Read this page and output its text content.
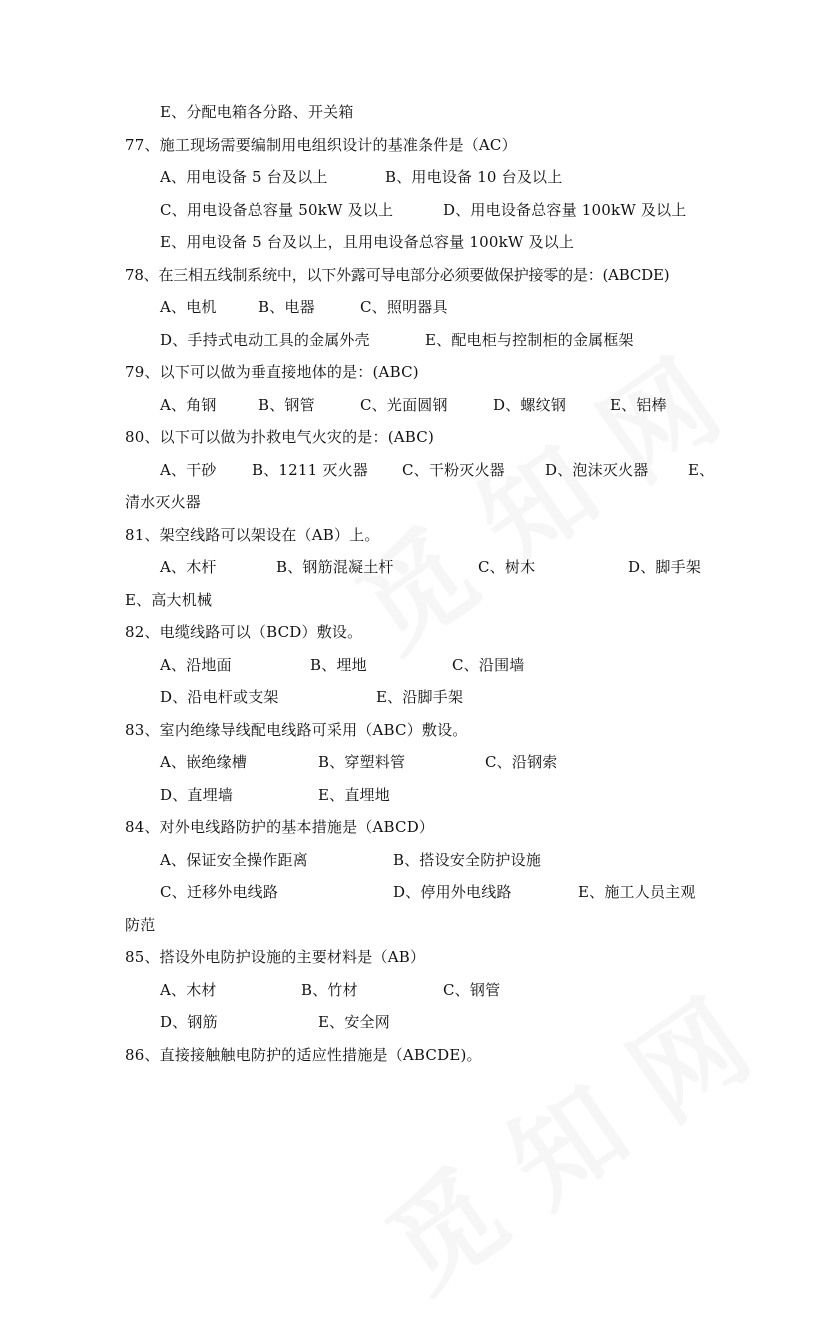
E、分配电箱各分路、开关箱
77、施工现场需要编制用电组织设计的基准条件是（AC）
A、用电设备 5 台及以上	B、用电设备 10 台及以上
C、用电设备总容量 50kW 及以上	D、用电设备总容量 100kW 及以上
E、用电设备 5 台及以上，且用电设备总容量 100kW 及以上
78、在三相五线制系统中，以下外露可导电部分必须要做保护接零的是：(ABCDE)
A、电机	B、电器	C、照明器具
D、手持式电动工具的金属外壳	E、配电柜与控制柜的金属框架
79、以下可以做为垂直接地体的是：(ABC)
A、角钢	B、钢管	C、光面圆钢	D、螺纹钢	E、铝棒
80、以下可以做为扑救电气火灾的是：(ABC)
A、干砂 B、1211 灭火器 C、干粉灭火器	D、泡沫灭火器	E、
清水灭火器
81、架空线路可以架设在（AB）上。
A、木杆	B、钢筋混凝土杆	C、树木	D、脚手架
E、高大机械
82、电缆线路可以（BCD）敷设。
A、沿地面	B、埋地	C、沿围墙
D、沿电杆或支架	E、沿脚手架
83、室内绝缘导线配电线路可采用（ABC）敷设。
A、嵌绝缘槽	B、穿塑料管	C、沿钢索
D、直埋墙	E、直埋地
84、对外电线路防护的基本措施是（ABCD）
A、保证安全操作距离	B、搭设安全防护设施
C、迁移外电线路	D、停用外电线路	E、施工人员主观
防范
85、搭设外电防护设施的主要材料是（AB）
A、木材	B、竹材	C、钢管
D、钢筋	E、安全网
86、直接接触触电防护的适应性措施是（ABCDE)。
